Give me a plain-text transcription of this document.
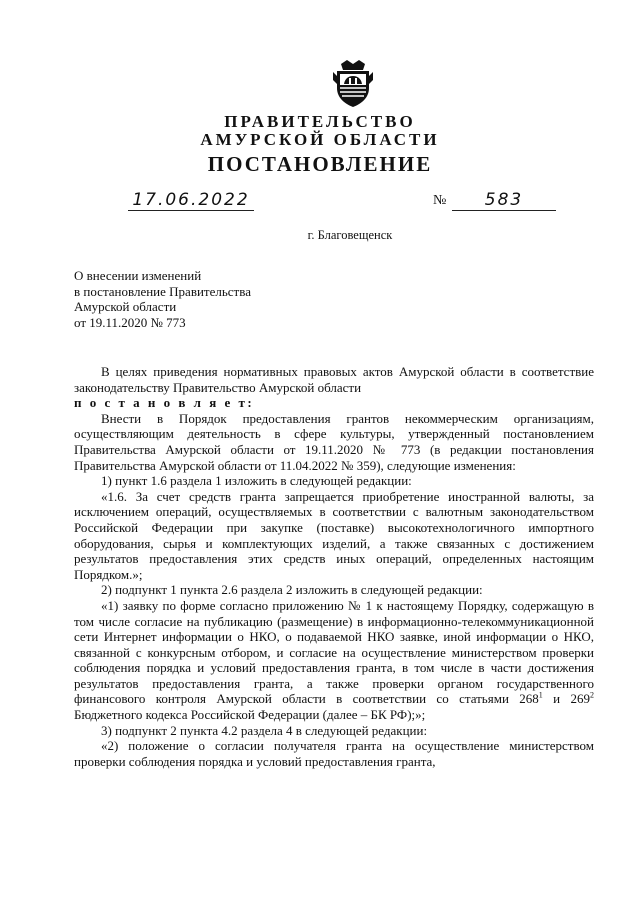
ПРАВИТЕЛЬСТВО
АМУРСКОЙ ОБЛАСТИ
ПОСТАНОВЛЕНИЕ
17.06.2022	№	583
г. Благовещенск
О внесении изменений
в постановление Правительства
Амурской области
от 19.11.2020 № 773

В целях приведения нормативных правовых актов Амурской области в соответствие законодательству Правительство Амурской области

п о с т а н о в л я е т:

Внести в Порядок предоставления грантов некоммерческим организациям, осуществляющим деятельность в сфере культуры, утвержденный постановлением Правительства Амурской области от 19.11.2020 № 773 (в редакции постановления Правительства Амурской области от 11.04.2022 № 359), следующие изменения:

1) пункт 1.6 раздела 1 изложить в следующей редакции:

«1.6. За счет средств гранта запрещается приобретение иностранной валюты, за исключением операций, осуществляемых в соответствии с валютным законодательством Российской Федерации при закупке (поставке) высокотехнологичного импортного оборудования, сырья и комплектующих изделий, а также связанных с достижением результатов предоставления этих средств иных операций, определенных настоящим Порядком.»;

2) подпункт 1 пункта 2.6 раздела 2 изложить в следующей редакции:

«1) заявку по форме согласно приложению № 1 к настоящему Порядку, содержащую в том числе согласие на публикацию (размещение) в информационно-телекоммуникационной сети Интернет информации о НКО, о подаваемой НКО заявке, иной информации о НКО, связанной с конкурсным отбором, и согласие на осуществление министерством проверки соблюдения порядка и условий предоставления гранта, в том числе в части достижения результатов предоставления гранта, а также проверки органом государственного финансового контроля Амурской области в соответствии со статьями $268^1$ и $269^2$ Бюджетного кодекса Российской Федерации (далее – БК РФ);»;

3) подпункт 2 пункта 4.2 раздела 4 в следующей редакции:

«2) положение о согласии получателя гранта на осуществление министерством проверки соблюдения порядка и условий предоставления гранта,
